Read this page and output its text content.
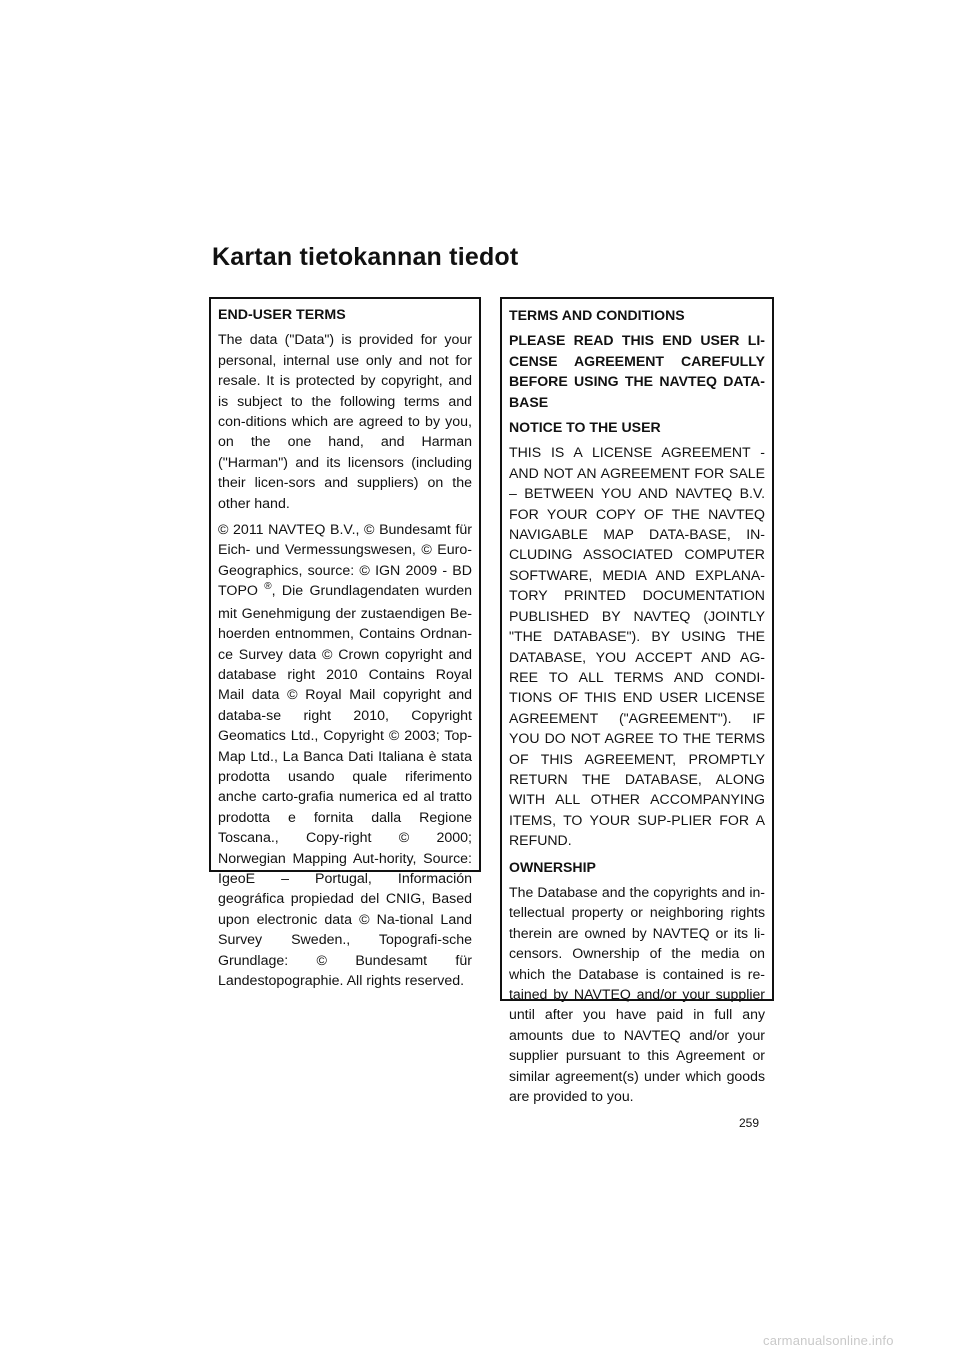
Kartan tietokannan tiedot

END-USER TERMS

The data ("Data") is provided for your personal, internal use only and not for resale. It is protected by copyright, and is subject to the following terms and con-ditions which are agreed to by you, on the one hand, and Harman ("Harman") and its licensors (including their licen-sors and suppliers) on the other hand.

© 2011 NAVTEQ B.V., © Bundesamt für Eich- und Vermessungswesen, © Euro-Geographics, source: © IGN 2009 - BD TOPO ®, Die Grundlagendaten wurden mit Genehmigung der zustaendigen Be-hoerden entnommen, Contains Ordnan-ce Survey data © Crown copyright and database right 2010 Contains Royal Mail data © Royal Mail copyright and databa-se right 2010, Copyright Geomatics Ltd., Copyright © 2003; Top-Map Ltd., La Banca Dati Italiana è stata prodotta usando quale riferimento anche carto-grafia numerica ed al tratto prodotta e fornita dalla Regione Toscana., Copy-right © 2000; Norwegian Mapping Aut-hority, Source: IgeoE – Portugal, Información geográfica propiedad del CNIG, Based upon electronic data © Na-tional Land Survey Sweden., Topografi-sche Grundlage: © Bundesamt für Landestopographie. All rights reserved.

TERMS AND CONDITIONS

PLEASE READ THIS END USER LI-CENSE AGREEMENT CAREFULLY BEFORE USING THE NAVTEQ DATA-BASE

NOTICE TO THE USER

THIS IS A LICENSE AGREEMENT - AND NOT AN AGREEMENT FOR SALE – BETWEEN YOU AND NAVTEQ B.V. FOR YOUR COPY OF THE NAVTEQ NAVIGABLE MAP DATA-BASE, IN-CLUDING ASSOCIATED COMPUTER SOFTWARE, MEDIA AND EXPLANA-TORY PRINTED DOCUMENTATION PUBLISHED BY NAVTEQ (JOINTLY "THE DATABASE"). BY USING THE DATABASE, YOU ACCEPT AND AG-REE TO ALL TERMS AND CONDI-TIONS OF THIS END USER LICENSE AGREEMENT ("AGREEMENT"). IF YOU DO NOT AGREE TO THE TERMS OF THIS AGREEMENT, PROMPTLY RETURN THE DATABASE, ALONG WITH ALL OTHER ACCOMPANYING ITEMS, TO YOUR SUP-PLIER FOR A REFUND.

OWNERSHIP

The Database and the copyrights and in-tellectual property or neighboring rights therein are owned by NAVTEQ or its li-censors. Ownership of the media on which the Database is contained is re-tained by NAVTEQ and/or your supplier until after you have paid in full any amounts due to NAVTEQ and/or your supplier pursuant to this Agreement or similar agreement(s) under which goods are provided to you.

259
carmanualsonline.info
